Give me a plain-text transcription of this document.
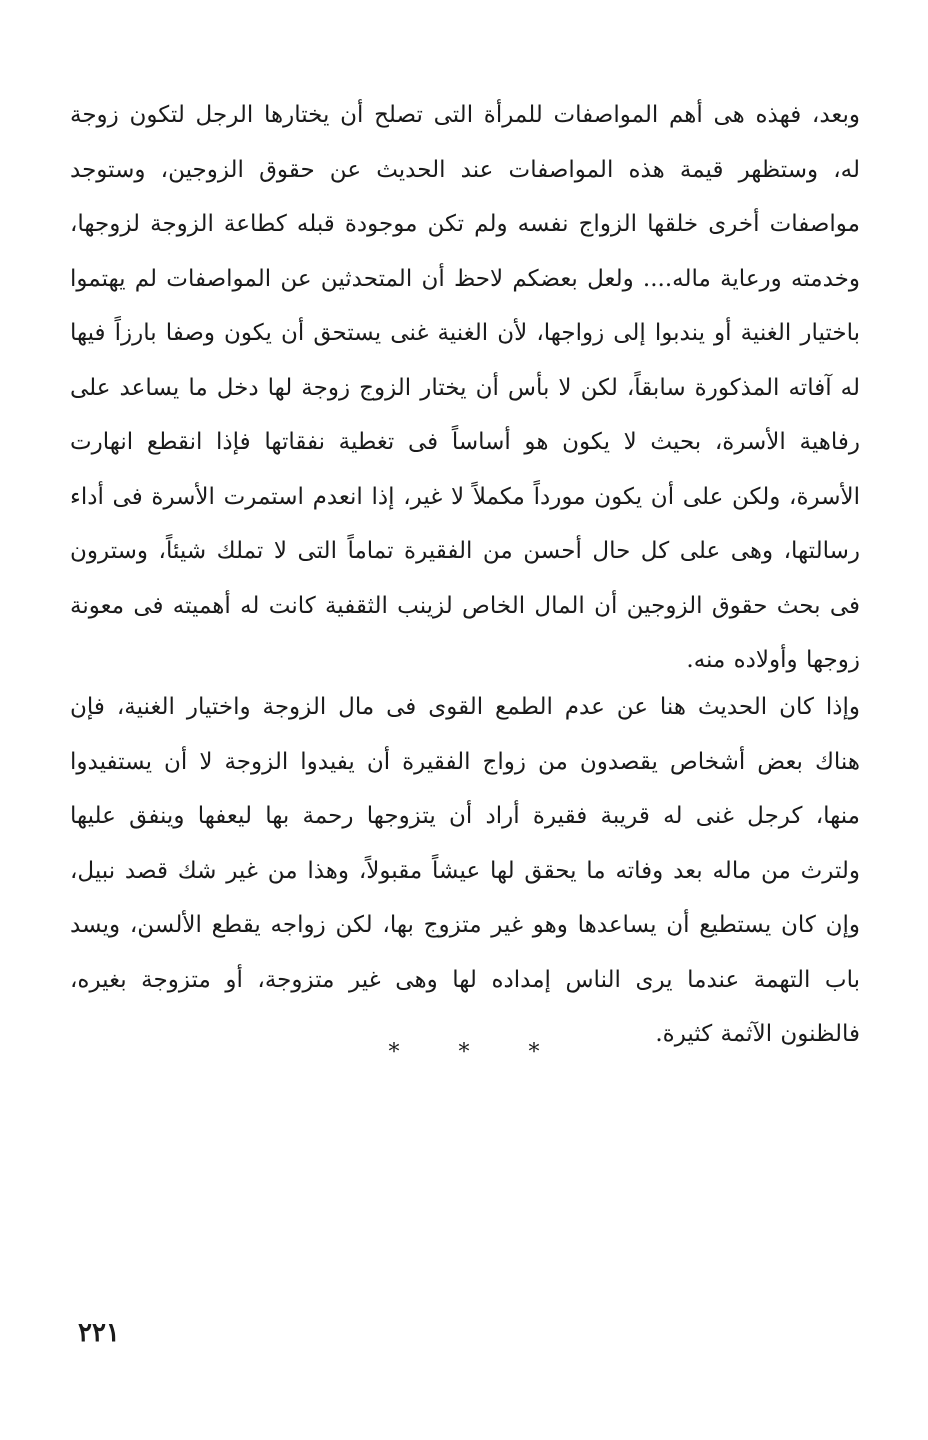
وبعد، فهذه هى أهم المواصفات للمرأة التى تصلح أن يختارها الرجل لتكون زوجة له، وستظهر قيمة هذه المواصفات عند الحديث عن حقوق الزوجين، وستوجد مواصفات أخرى خلقها الزواج نفسه ولم تكن موجودة قبله كطاعة الزوجة لزوجها، وخدمته ورعاية ماله.... ولعل بعضكم لاحظ أن المتحدثين عن المواصفات لم يهتموا باختيار الغنية أو يندبوا إلى زواجها، لأن الغنية غنى يستحق أن يكون وصفا بارزاً فيها له آفاته المذكورة سابقاً، لكن لا بأس أن يختار الزوج زوجة لها دخل ما يساعد على رفاهية الأسرة، بحيث لا يكون هو أساساً فى تغطية نفقاتها فإذا انقطع انهارت الأسرة، ولكن على أن يكون مورداً مكملاً لا غير، إذا انعدم استمرت الأسرة فى أداء رسالتها، وهى على كل حال أحسن من الفقيرة تماماً التى لا تملك شيئاً، وسترون فى بحث حقوق الزوجين أن المال الخاص لزينب الثقفية كانت له أهميته فى معونة زوجها وأولاده منه.

وإذا كان الحديث هنا عن عدم الطمع القوى فى مال الزوجة واختيار الغنية، فإن هناك بعض أشخاص يقصدون من زواج الفقيرة أن يفيدوا الزوجة لا أن يستفيدوا منها، كرجل غنى له قريبة فقيرة أراد أن يتزوجها رحمة بها ليعفها وينفق عليها ولترث من ماله بعد وفاته ما يحقق لها عيشاً مقبولاً، وهذا من غير شك قصد نبيل، وإن كان يستطيع أن يساعدها وهو غير متزوج بها، لكن زواجه يقطع الألسن، ويسد باب التهمة عندما يرى الناس إمداده لها وهى غير متزوجة، أو متزوجة بغيره، فالظنون الآثمة كثيرة.

* * *
٢٢١
